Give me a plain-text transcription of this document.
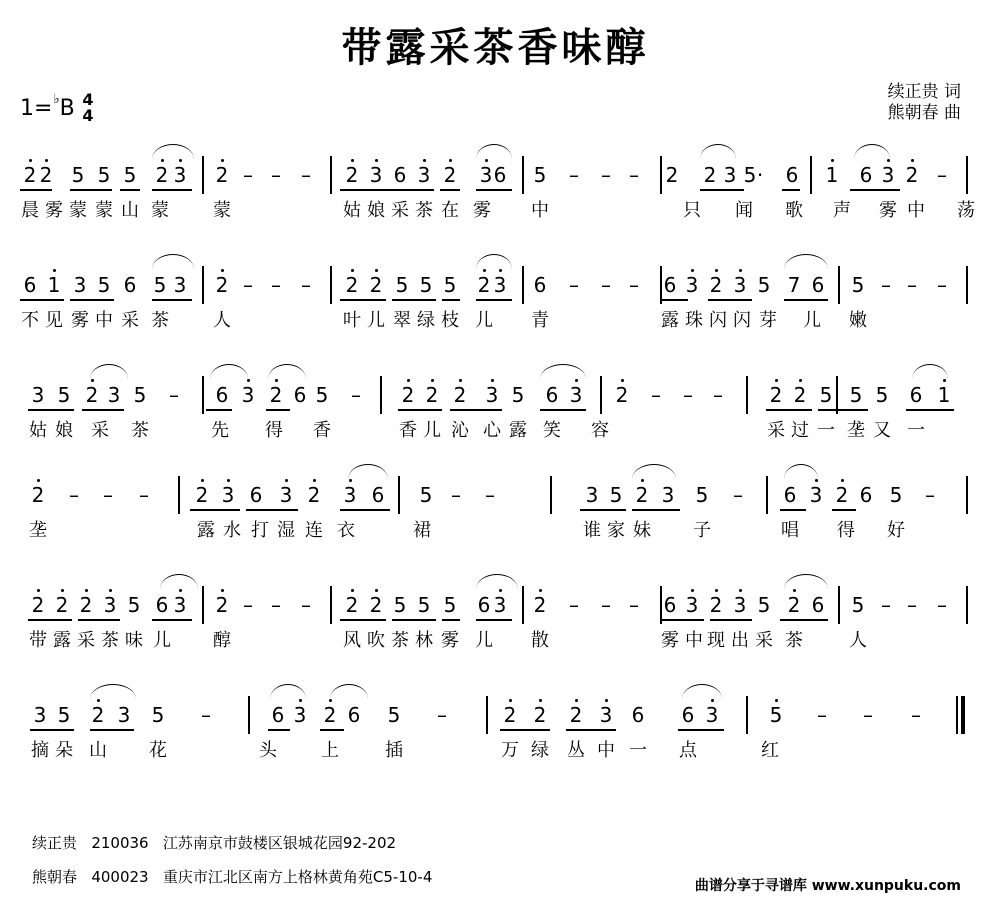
带露采茶香味醇
1=♭B 4
4
续正贵 词
熊朝春 曲
2 2 5 5 5 2 3 2 – – – 2 3 6 3 2 3 6 5 – – – 2 2 3 5 · 6 1 6 3 2 –
晨 雾 蒙 蒙 山 蒙 蒙	姑 娘 采 茶 在 雾 中	只 闻 歌 声 雾 中 荡
6 1 3 5 6 5 3 2 – – – 2 2 5 5 5 2 3 6 – – – 6 3 2 3 5 7 6 5 – – –
不 见 雾 中 采 茶 人	叶 儿 翠 绿 枝 儿 青	露 珠 闪 闪 芽 儿 嫩
3 5 2 3 5 – 6 3 2 6 5 – 2 2 2 3 5 6 3 2 – – – 2 2 5 5 5 6 1
姑 娘 采 茶	先 得 香	香 儿 沁 心 露 笑 容	采 过 一 垄 又 一
2 – – – 2 3 6 3 2 3 6 5 – –	3 5 2 3 5 – 6 3 2 6 5 –
垄	露 水 打 湿 连 衣	裙	谁 家 妹 子	唱 得 好
2 2 2 3 5 6 3 2 – – – 2 2 5 5 5 6 3 2 – – – 6 3 2 3 5 2 6 5 – – –
带 露 采 茶 味 儿 醇	风 吹 茶 林 雾 儿 散	雾 中 现 出 采 茶	人
3 5 2 3 5 –	6 3 2 6 5 –	2 2 2 3 6 6 3	5 – – –
摘 朵 山 花	头 上	插	万 绿 丛 中 一 点	红
续正贵 210036 江苏南京市鼓楼区银城花园92-202
熊朝春 400023 重庆市江北区南方上格林黄角苑C5-10-4	曲谱分享于寻谱库 www.xunpuku.com
